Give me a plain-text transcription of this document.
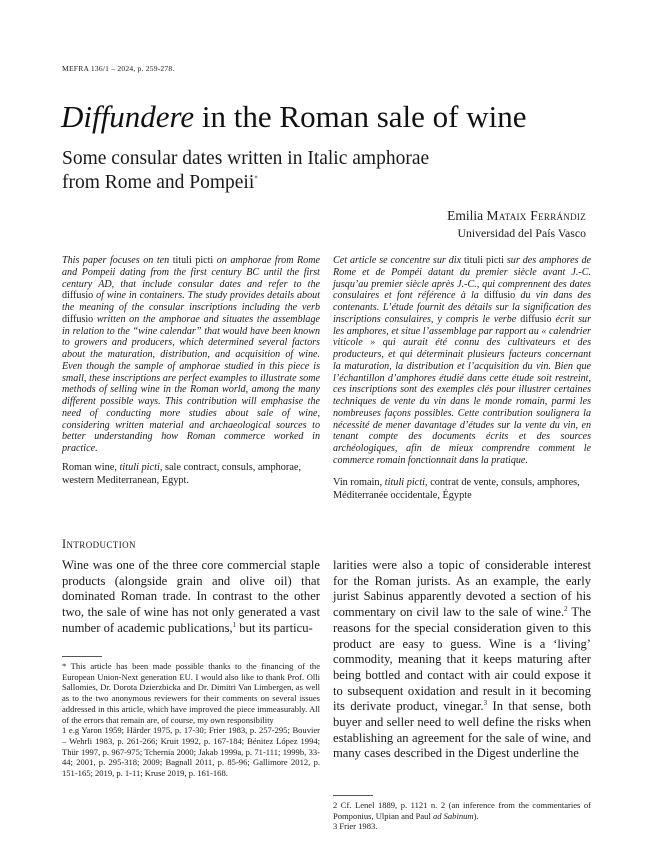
MEFRA 136/1 – 2024, p. 259-278.
Diffundere in the Roman sale of wine
Some consular dates written in Italic amphorae
from Rome and Pompeii*
Emilia Mataix Ferrándiz
Universidad del País Vasco
This paper focuses on ten tituli picti on amphorae from Rome and Pompeii dating from the first century BC until the first century AD, that include consular dates and refer to the diffusio of wine in containers. The study provides details about the meaning of the consular inscriptions including the verb diffusio written on the amphorae and situates the assemblage in relation to the “wine calendar” that would have been known to growers and producers, which determined several factors about the maturation, distribution, and acquisition of wine. Even though the sample of amphorae studied in this piece is small, these inscriptions are perfect examples to illustrate some methods of selling wine in the Roman world, among the many different possible ways. This contribution will emphasise the need of conducting more studies about sale of wine, considering written material and archaeological sources to better understanding how Roman commerce worked in practice.
Cet article se concentre sur dix tituli picti sur des amphores de Rome et de Pompéi datant du premier siècle avant J.-C. jusqu’au premier siècle après J.-C., qui comprennent des dates consulaires et font référence à la diffusio du vin dans des contenants. L’étude fournit des détails sur la signification des inscriptions consulaires, y compris le verbe diffusio écrit sur les amphores, et situe l’assemblage par rapport au « calendrier viticole » qui aurait été connu des cultivateurs et des producteurs, et qui déterminait plusieurs facteurs concernant la maturation, la distribution et l’acquisition du vin. Bien que l’échantillon d’amphores étudié dans cette étude soit restreint, ces inscriptions sont des exemples clés pour illustrer certaines techniques de vente du vin dans le monde romain, parmi les nombreuses façons possibles. Cette contribution soulignera la nécessité de mener davantage d’études sur la vente du vin, en tenant compte des documents écrits et des sources archéologiques, afin de mieux comprendre comment le commerce romain fonctionnait dans la pratique.
Roman wine, tituli picti, sale contract, consuls, amphorae, western Mediterranean, Egypt.	Vin romain, tituli picti, contrat de vente, consuls, amphores, Méditerranée occidentale, Égypte
Introduction
Wine was one of the three core commercial staple products (alongside grain and olive oil) that dominated Roman trade. In contrast to the other two, the sale of wine has not only generated a vast number of academic publications,$^1$ but its particu-
larities were also a topic of considerable interest for the Roman jurists. As an example, the early jurist Sabinus apparently devoted a section of his commentary on civil law to the sale of wine.$^2$ The reasons for the special consideration given to this product are easy to guess. Wine is a ‘living’ commodity, meaning that it keeps maturing after being bottled and contact with air could expose it to subsequent oxidation and result in it becoming its derivate product, vinegar.$^3$ In that sense, both buyer and seller need to well define the risks when establishing an agreement for the sale of wine, and many cases described in the Digest underline the
* This article has been made possible thanks to the financing of the European Union-Next generation EU. I would also like to thank Prof. Olli Sallomies, Dr. Dorota Dzierzbicka and Dr. Dimitri Van Limbergen, as well as to the two anonymous reviewers for their comments on several issues addressed in this article, which have improved the piece immeasurably. All of the errors that remain are, of course, my own responsibility
1 e.g Yaron 1959; Härder 1975, p. 17-30; Frier 1983, p. 257-295; Bouvier – Wehrli 1983, p. 261-266; Kruit 1992, p. 167-184; Bénitez López 1994; Thür 1997, p. 967-975; Tchernia 2000; Jakab 1999a, p. 71-111; 1999b, 33-44; 2001, p. 295-318; 2009; Bagnall 2011, p. 85-96; Gallimore 2012, p. 151-165; 2019, p. 1-11; Kruse 2019, p. 161-168.
2 Cf. Lenel 1889, p. 1121 n. 2 (an inference from the commentaries of Pomponius, Ulpian and Paul ad Sabinum).
3 Frier 1983.
